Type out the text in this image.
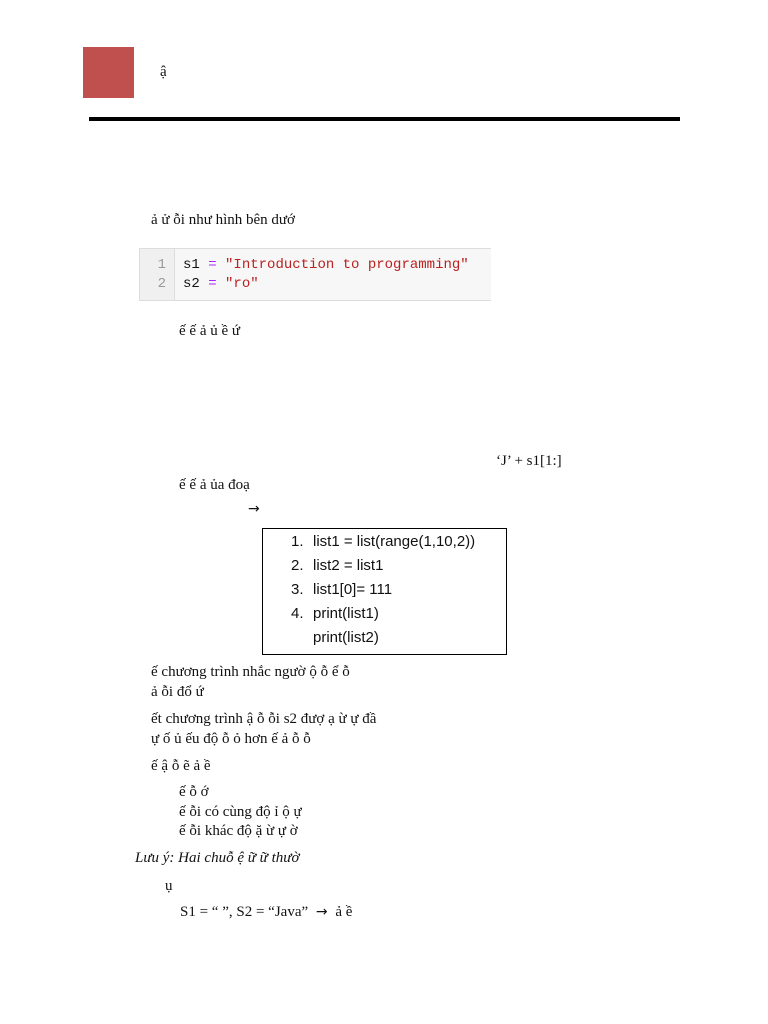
ậ
ả ử ỗi như hình bên dướ
1
2
s1 = "Introduction to programming"
s2 = "ro"
ế ế ả ủ ề ứ
‘J’ + s1[1:]
ế ế ả ủa đoạ
→
1. list1 = list(range(1,10,2))
2. list2 = list1
3. list1[0]= 111
4. print(list1)
print(list2)
ế chương trình nhắc ngườ ộ ỗ ể ỗ
ả ỗi đổ ứ
ết chương trình ậ ỗ ỗi s2 đượ ạ ừ ự đầ
ự ố ủ ếu độ ỗ ỏ hơn ế ả ỗ ỗ
ế ậ ỗ ẽ ả ề
ế ỗ ớ
ế ỗi có cùng độ ỉ ộ ự
ế ỗi khác độ ặ ừ ự ờ
Lưu ý: Hai chuỗ ệ ữ ữ thườ
ụ
S1 = “ ”, S2 = “Java” → ả ề
